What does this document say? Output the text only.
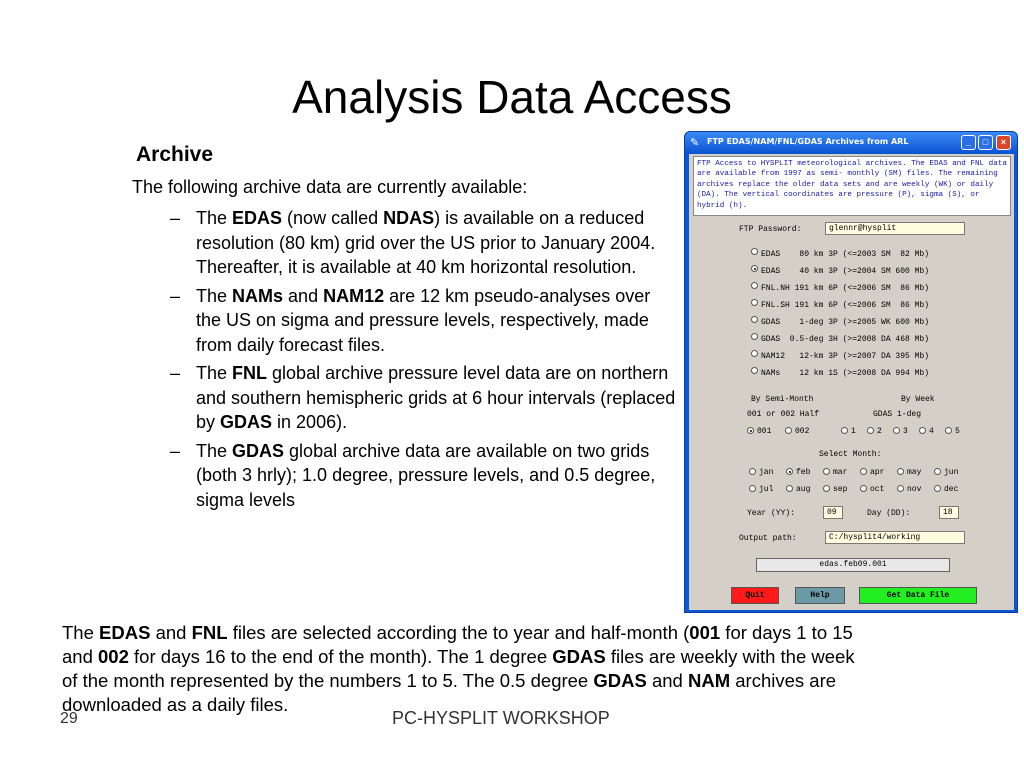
Analysis Data Access
Archive
The following archive data are currently available:
– The EDAS (now called NDAS) is available on a reduced resolution (80 km) grid over the US prior to January 2004. Thereafter, it is available at 40 km horizontal resolution.
– The NAMs and NAM12 are 12 km pseudo-analyses over the US on sigma and pressure levels, respectively, made from daily forecast files.
– The FNL global archive pressure level data are on northern and southern hemispheric grids at 6 hour intervals (replaced by GDAS in 2006).
– The GDAS global archive data are available on two grids (both 3 hrly); 1.0 degree, pressure levels, and 0.5 degree, sigma levels
The EDAS and FNL files are selected according the to year and half-month (001 for days 1 to 15 and 002 for days 16 to the end of the month). The 1 degree GDAS files are weekly with the week of the month represented by the numbers 1 to 5. The 0.5 degree GDAS and NAM archives are downloaded as a daily files.
29	PC-HYSPLIT WORKSHOP
✎ FTP EDAS/NAM/FNL/GDAS Archives from ARL	_	□	×
FTP Access to HYSPLIT meteorological archives. The EDAS and FNL data are available from 1997 as semi- monthly (SM) files. The remaining archives replace the older data sets and are weekly (WK) or daily (DA). The vertical coordinates are pressure (P), sigma (S), or hybrid (h).
FTP Password:	glennr@hysplit
EDAS    80 km 3P (<=2003 SM  82 Mb)
EDAS    40 km 3P (>=2004 SM 600 Mb)
FNL.NH 191 km 6P (<=2006 SM  86 Mb)
FNL.SH 191 km 6P (<=2006 SM  86 Mb)
GDAS    1-deg 3P (>=2005 WK 600 Mb)
GDAS  0.5-deg 3H (>=2008 DA 468 Mb)
NAM12   12-km 3P (>=2007 DA 395 Mb)
NAMs    12 km 1S (>=2008 DA 994 Mb)
By Semi-Month	By Week
001 or 002 Half	GDAS 1-deg
001	002	1	2	3	4	5
Select Month:
jan	feb	mar	apr	may	jun
jul	aug	sep	oct	nov	dec
Year (YY):	09	Day (DD):	18
Output path:	C:/hysplit4/working
edas.feb09.001
Quit	Help	Get Data File
